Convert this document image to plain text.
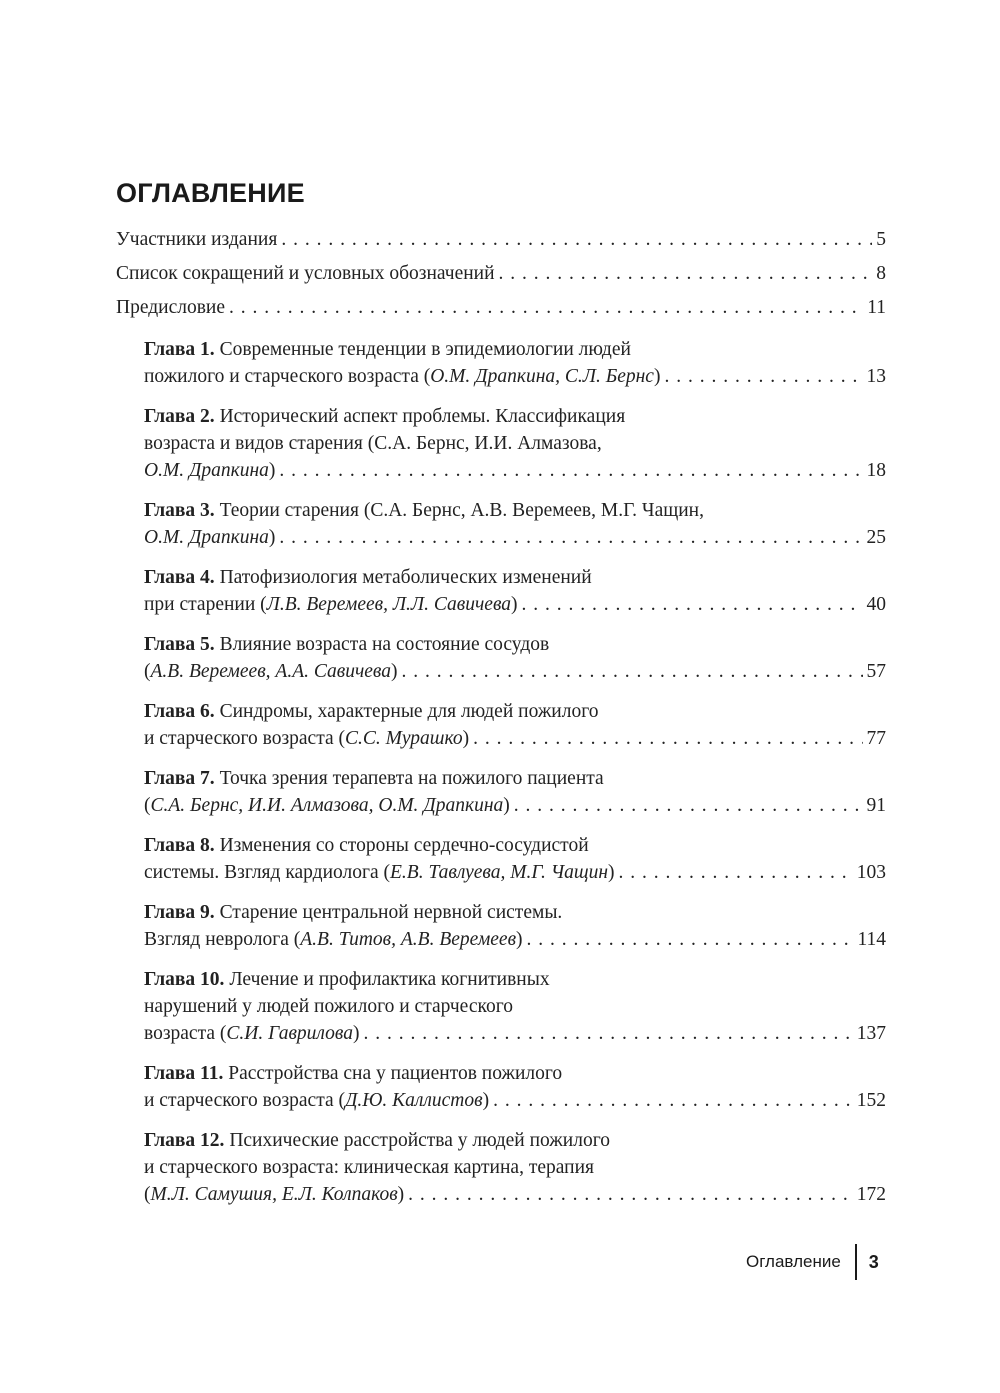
ОГЛАВЛЕНИЕ
Участники издания . . .	5
Список сокращений и условных обозначений . . .	8
Предисловие . . .	11
Глава 1. Современные тенденции в эпидемиологии людей
пожилого и старческого возраста (О.М. Драпкина, С.Л. Бернс) . . .	13
Глава 2. Исторический аспект проблемы. Классификация
возраста и видов старения (С.А. Бернс, И.И. Алмазова,
О.М. Драпкина) . . .	18
Глава 3. Теории старения (С.А. Бернс, А.В. Веремеев, М.Г. Чащин,
О.М. Драпкина) . . .	25
Глава 4. Патофизиология метаболических изменений
при старении (Л.В. Веремеев, Л.Л. Савичева) . . .	40
Глава 5. Влияние возраста на состояние сосудов
(А.В. Веремеев, А.А. Савичева) . . .	57
Глава 6. Синдромы, характерные для людей пожилого
и старческого возраста (С.С. Мурашко) . . .	77
Глава 7. Точка зрения терапевта на пожилого пациента
(С.А. Бернс, И.И. Алмазова, О.М. Драпкина) . . .	91
Глава 8. Изменения со стороны сердечно-сосудистой
системы. Взгляд кардиолога (Е.В. Тавлуева, М.Г. Чащин) . . .	103
Глава 9. Старение центральной нервной системы.
Взгляд невролога (А.В. Титов, А.В. Веремеев) . . .	114
Глава 10. Лечение и профилактика когнитивных
нарушений у людей пожилого и старческого
возраста (С.И. Гаврилова) . . .	137
Глава 11. Расстройства сна у пациентов пожилого
и старческого возраста (Д.Ю. Каллистов) . . .	152
Глава 12. Психические расстройства у людей пожилого
и старческого возраста: клиническая картина, терапия
(М.Л. Самушия, Е.Л. Колпаков) . . .	172
Оглавление 3
